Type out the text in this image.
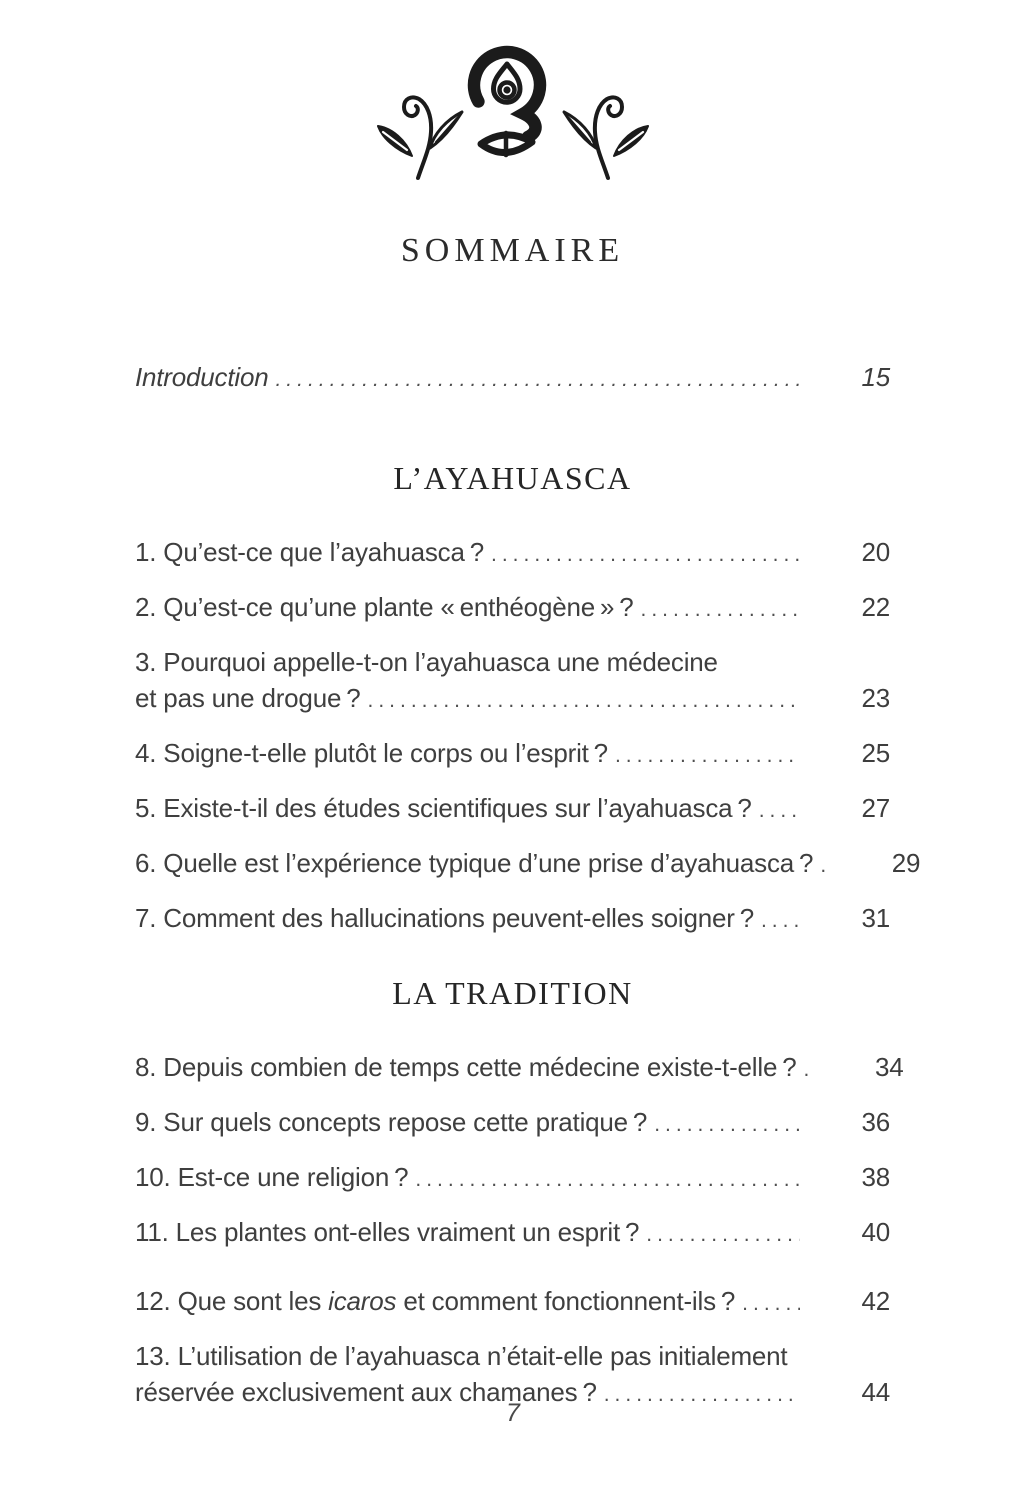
SOMMAIRE
Introduction .....	15
L’AYAHUASCA
1. Qu’est-ce que l’ayahuasca ? .....	20
2. Qu’est-ce qu’une plante « enthéogène » ? .....	22
3. Pourquoi appelle-t-on l’ayahuasca une médecine
et pas une drogue ? .....	23
4. Soigne-t-elle plutôt le corps ou l’esprit ? .....	25
5. Existe-t-il des études scientifiques sur l’ayahuasca ? .....	27
6. Quelle est l’expérience typique d’une prise d’ayahuasca ? .....	29
7. Comment des hallucinations peuvent-elles soigner ? .....	31
LA TRADITION
8. Depuis combien de temps cette médecine existe-t-elle ? .....	34
9. Sur quels concepts repose cette pratique ? .....	36
10. Est-ce une religion ? .....	38
11. Les plantes ont-elles vraiment un esprit ? .....	40
12. Que sont les icaros et comment fonctionnent-ils ? .....	42
13. L’utilisation de l’ayahuasca n’était-elle pas initialement
réservée exclusivement aux chamanes ? .....	44
7
